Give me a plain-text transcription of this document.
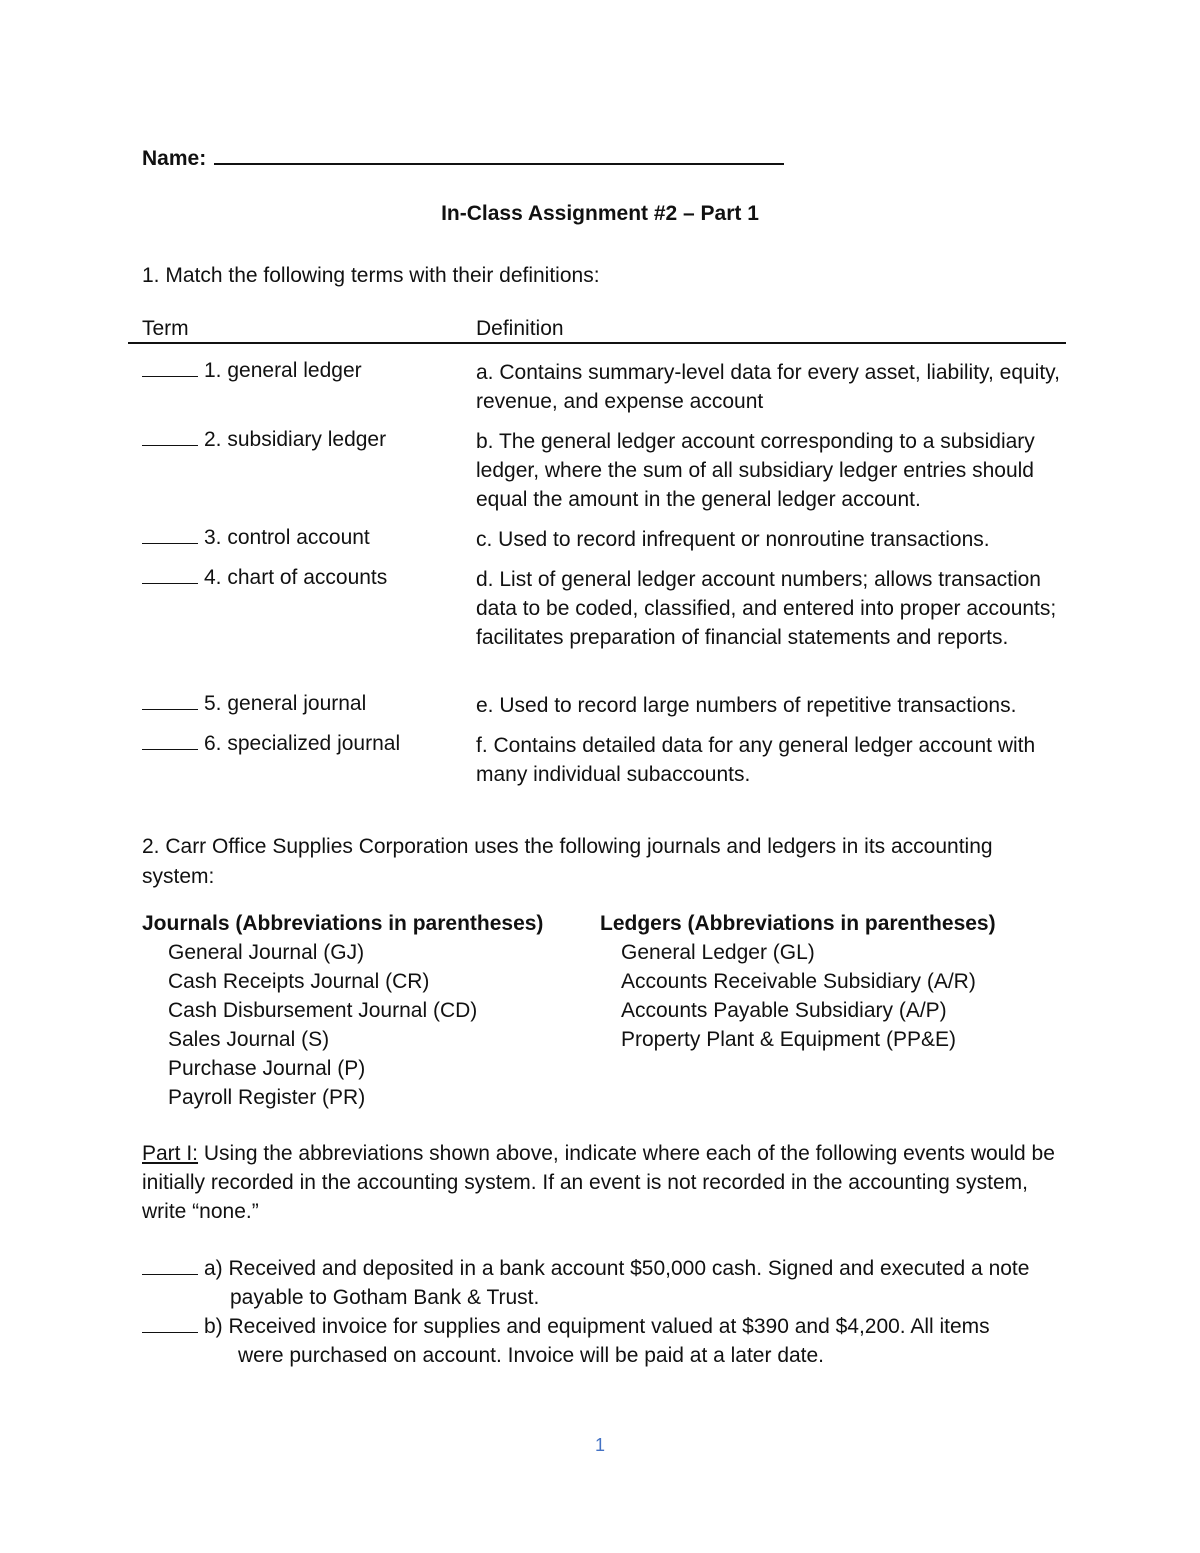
Name:
In-Class Assignment #2 – Part 1
1. Match the following terms with their definitions:
Term	Definition
1. general ledger	a. Contains summary-level data for every asset, liability, equity, revenue, and expense account
2. subsidiary ledger	b. The general ledger account corresponding to a subsidiary ledger, where the sum of all subsidiary ledger entries should equal the amount in the general ledger account.
3. control account	c. Used to record infrequent or nonroutine transactions.
4. chart of accounts	d. List of general ledger account numbers; allows transaction data to be coded, classified, and entered into proper accounts; facilitates preparation of financial statements and reports.
5. general journal	e. Used to record large numbers of repetitive transactions.
6. specialized journal	f. Contains detailed data for any general ledger account with many individual subaccounts.
2. Carr Office Supplies Corporation uses the following journals and ledgers in its accounting system:
Journals (Abbreviations in parentheses)
General Journal (GJ)
Cash Receipts Journal (CR)
Cash Disbursement Journal (CD)
Sales Journal (S)
Purchase Journal (P)
Payroll Register (PR)
Ledgers (Abbreviations in parentheses)
General Ledger (GL)
Accounts Receivable Subsidiary (A/R)
Accounts Payable Subsidiary (A/P)
Property Plant & Equipment (PP&E)
Part I: Using the abbreviations shown above, indicate where each of the following events would be initially recorded in the accounting system. If an event is not recorded in the accounting system, write “none.”
a) Received and deposited in a bank account $50,000 cash. Signed and executed a note
payable to Gotham Bank & Trust.
b) Received invoice for supplies and equipment valued at $390 and $4,200. All items
were purchased on account. Invoice will be paid at a later date.
1
